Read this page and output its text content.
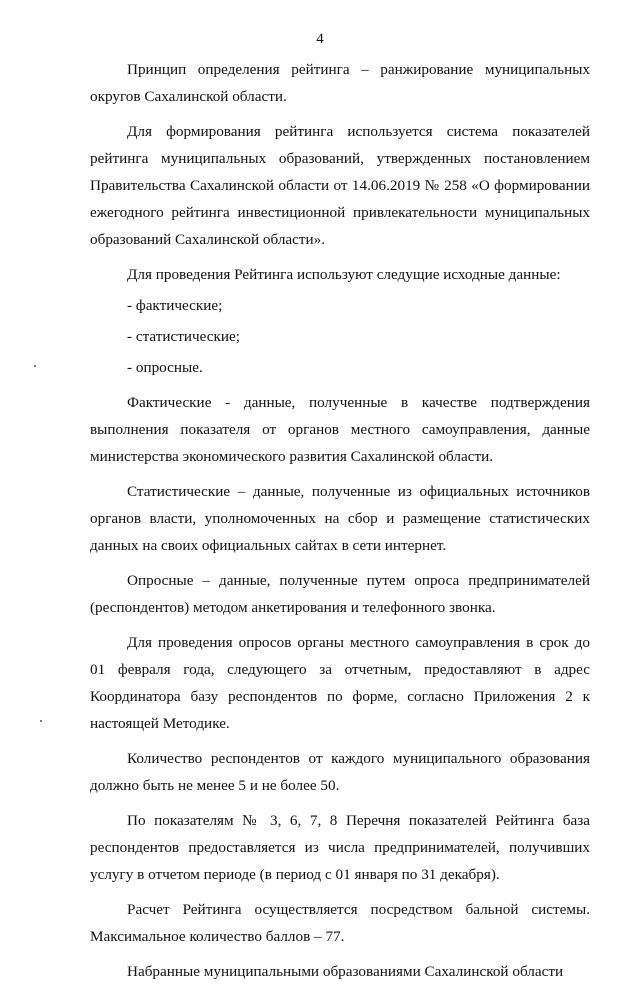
4

Принцип определения рейтинга – ранжирование муниципальных округов Сахалинской области.

Для формирования рейтинга используется система показателей рейтинга муниципальных образований, утвержденных постановлением Правительства Сахалинской области от 14.06.2019 № 258 «О формировании ежегодного рейтинга инвестиционной привлекательности муниципальных образований Сахалинской области».

Для проведения Рейтинга используют следущие исходные данные:

- фактические;

- статистические;

- опросные.

Фактические - данные, полученные в качестве подтверждения выполнения показателя от органов местного самоуправления, данные министерства экономического развития Сахалинской области.

Статистические – данные, полученные из официальных источников органов власти, уполномоченных на сбор и размещение статистических данных на своих официальных сайтах в сети интернет.

Опросные – данные, полученные путем опроса предпринимателей (респондентов) методом анкетирования и телефонного звонка.

Для проведения опросов органы местного самоуправления в срок до 01 февраля года, следующего за отчетным, предоставляют в адрес Координатора базу респондентов по форме, согласно Приложения 2 к настоящей Методике.

Количество респондентов от каждого муниципального образования должно быть не менее 5 и не более 50.

По показателям № 3, 6, 7, 8 Перечня показателей Рейтинга база респондентов предоставляется из числа предпринимателей, получивших услугу в отчетом периоде (в период с 01 января по 31 декабря).

Расчет Рейтинга осуществляется посредством бальной системы. Максимальное количество баллов – 77.

Набранные муниципальными образованиями Сахалинской области
